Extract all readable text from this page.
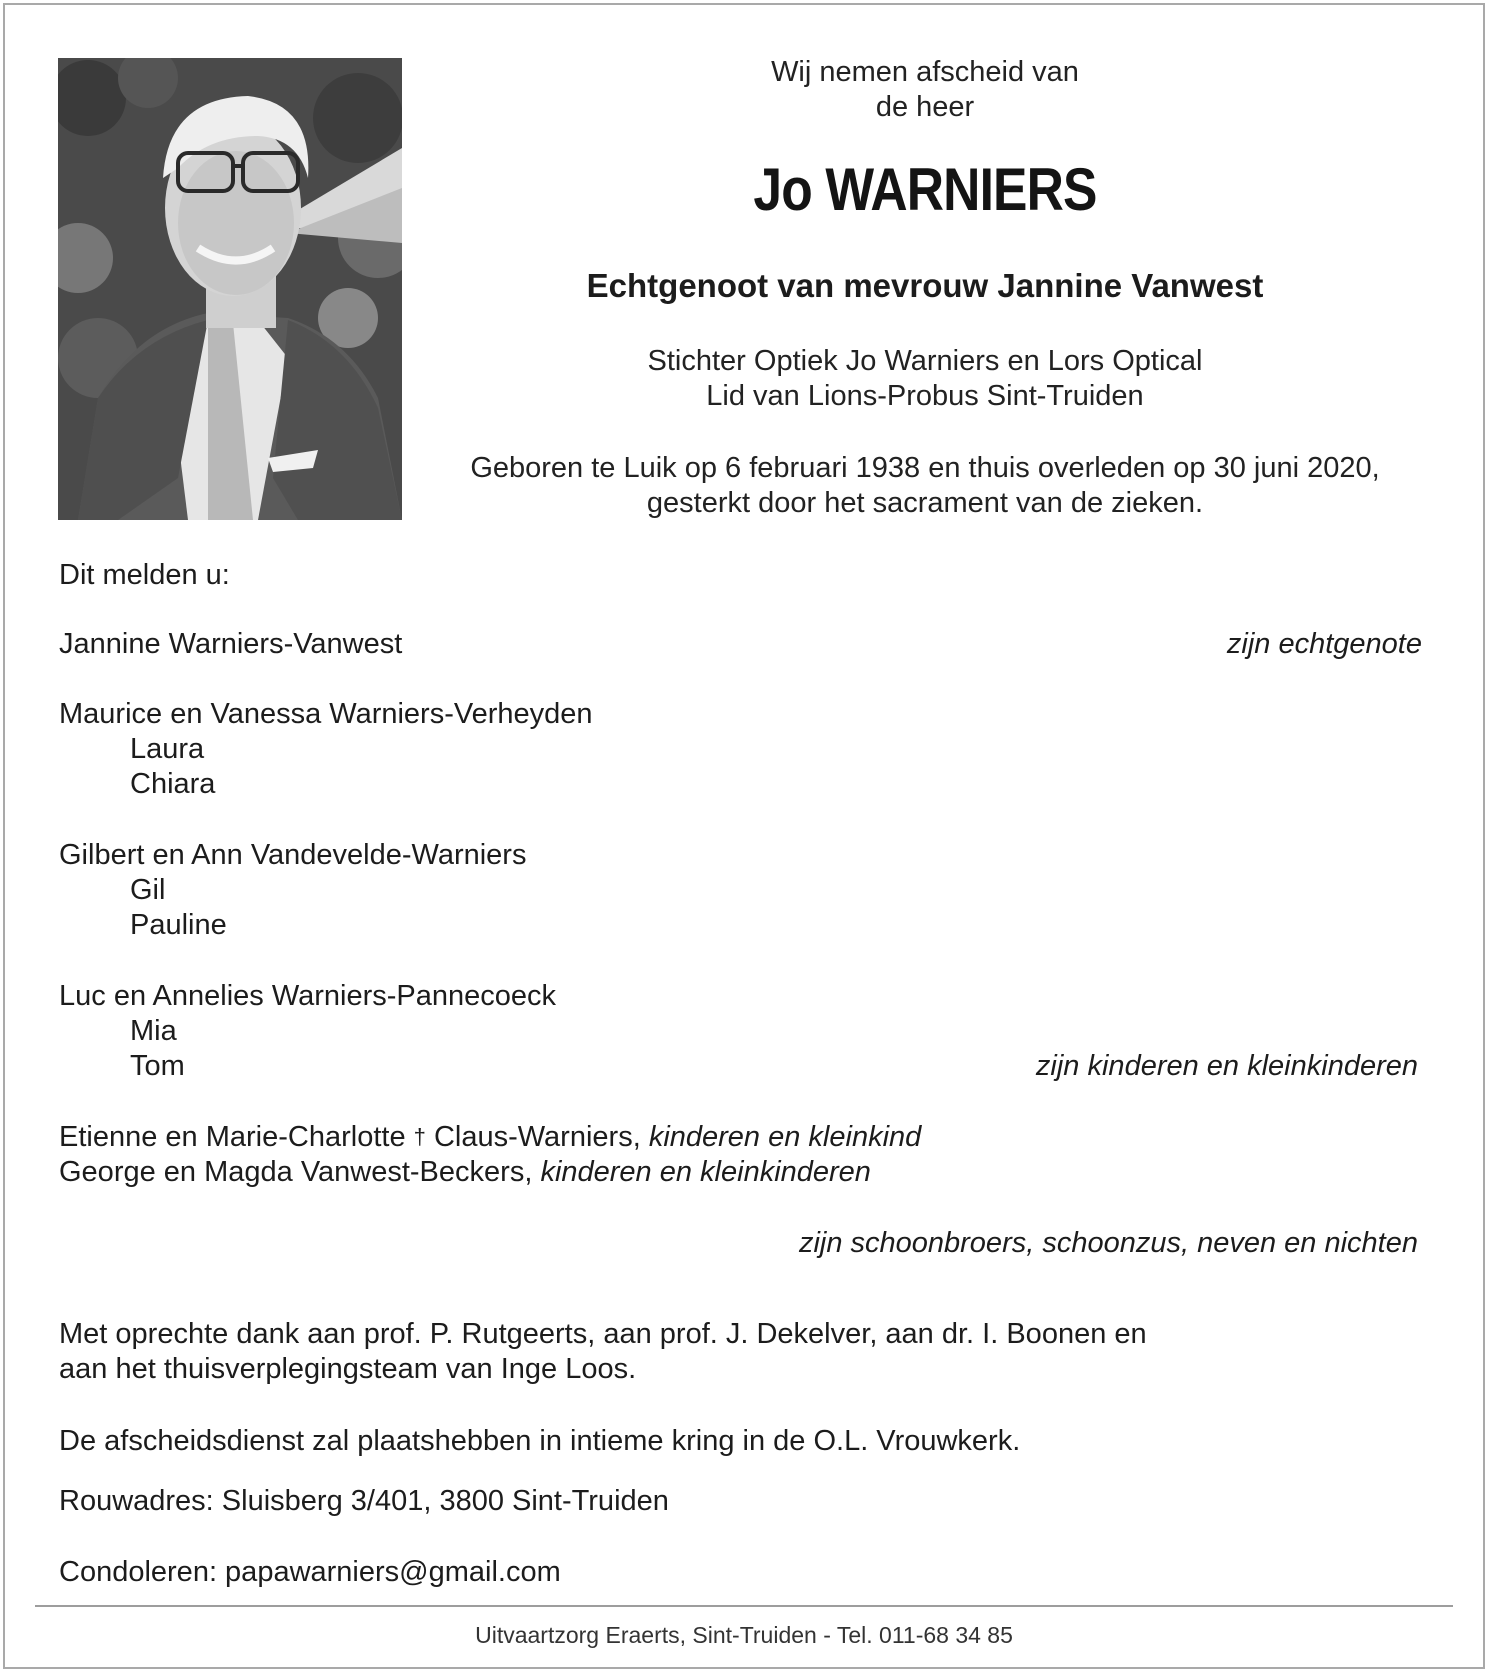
Wij nemen afscheid van
de heer
Jo WARNIERS
Echtgenoot van mevrouw Jannine Vanwest
Stichter Optiek Jo Warniers en Lors Optical
Lid van Lions-Probus Sint-Truiden
Geboren te Luik op 6 februari 1938 en thuis overleden op 30 juni 2020,
gesterkt door het sacrament van de zieken.
Dit melden u:
Jannine Warniers-Vanwest	zijn echtgenote
Maurice en Vanessa Warniers-Verheyden
Laura
Chiara
Gilbert en Ann Vandevelde-Warniers
Gil
Pauline
Luc en Annelies Warniers-Pannecoeck
Mia
Tom	zijn kinderen en kleinkinderen
Etienne en Marie-Charlotte † Claus-Warniers, kinderen en kleinkind
George en Magda Vanwest-Beckers, kinderen en kleinkinderen
zijn schoonbroers, schoonzus, neven en nichten
Met oprechte dank aan prof. P. Rutgeerts, aan prof. J. Dekelver, aan dr. I. Boonen en
aan het thuisverplegingsteam van Inge Loos.
De afscheidsdienst zal plaatshebben in intieme kring in de O.L. Vrouwkerk.
Rouwadres: Sluisberg 3/401, 3800 Sint-Truiden
Condoleren: papawarniers@gmail.com
Uitvaartzorg Eraerts, Sint-Truiden - Tel. 011-68 34 85
